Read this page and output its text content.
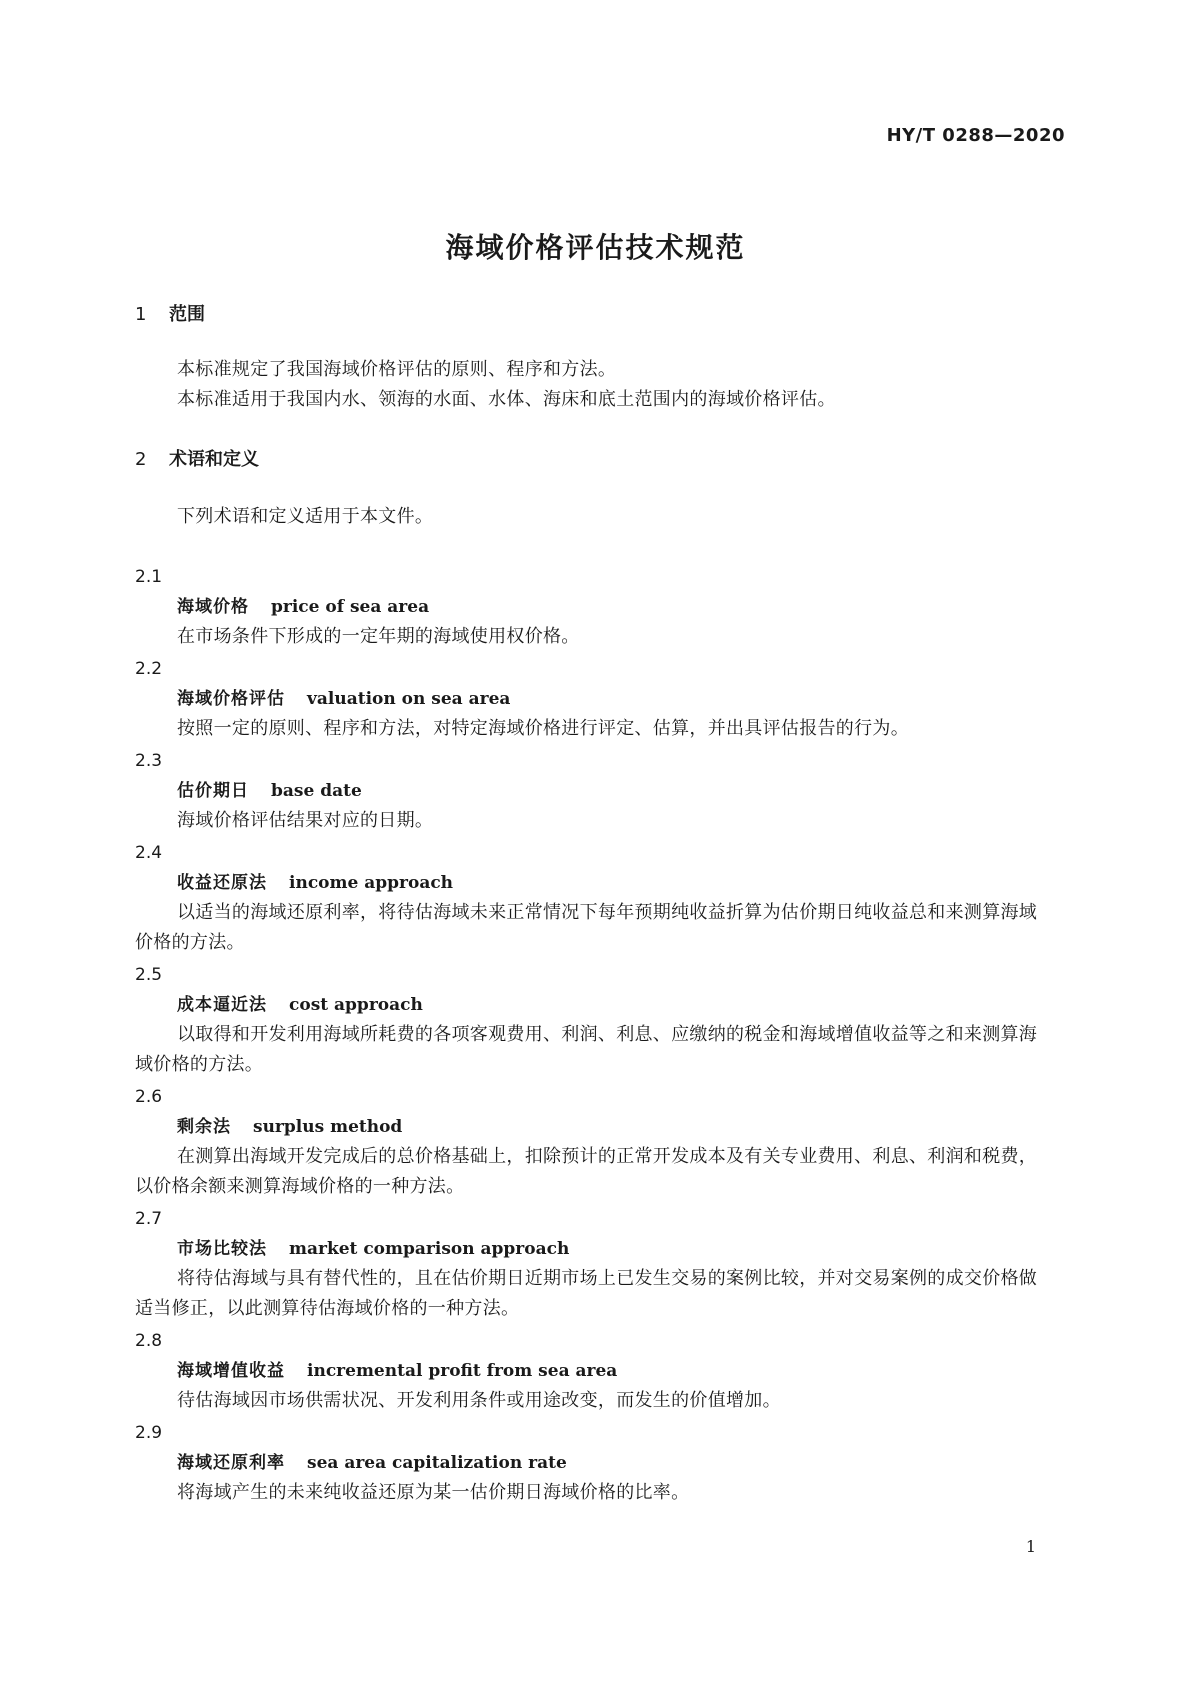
HY/T 0288—2020
海域价格评估技术规范
1 范围
本标准规定了我国海域价格评估的原则、程序和方法。
本标准适用于我国内水、领海的水面、水体、海床和底土范围内的海域价格评估。
2 术语和定义
下列术语和定义适用于本文件。
2.1
海域价格 price of sea area
在市场条件下形成的一定年期的海域使用权价格。
2.2
海域价格评估 valuation on sea area
按照一定的原则、程序和方法，对特定海域价格进行评定、估算，并出具评估报告的行为。
2.3
估价期日 base date
海域价格评估结果对应的日期。
2.4
收益还原法 income approach
以适当的海域还原利率，将待估海域未来正常情况下每年预期纯收益折算为估价期日纯收益总和来测算海域价格的方法。
2.5
成本逼近法 cost approach
以取得和开发利用海域所耗费的各项客观费用、利润、利息、应缴纳的税金和海域增值收益等之和来测算海域价格的方法。
2.6
剩余法 surplus method
在测算出海域开发完成后的总价格基础上，扣除预计的正常开发成本及有关专业费用、利息、利润和税费，以价格余额来测算海域价格的一种方法。
2.7
市场比较法 market comparison approach
将待估海域与具有替代性的，且在估价期日近期市场上已发生交易的案例比较，并对交易案例的成交价格做适当修正，以此测算待估海域价格的一种方法。
2.8
海域增值收益 incremental profit from sea area
待估海域因市场供需状况、开发利用条件或用途改变，而发生的价值增加。
2.9
海域还原利率 sea area capitalization rate
将海域产生的未来纯收益还原为某一估价期日海域价格的比率。
1
